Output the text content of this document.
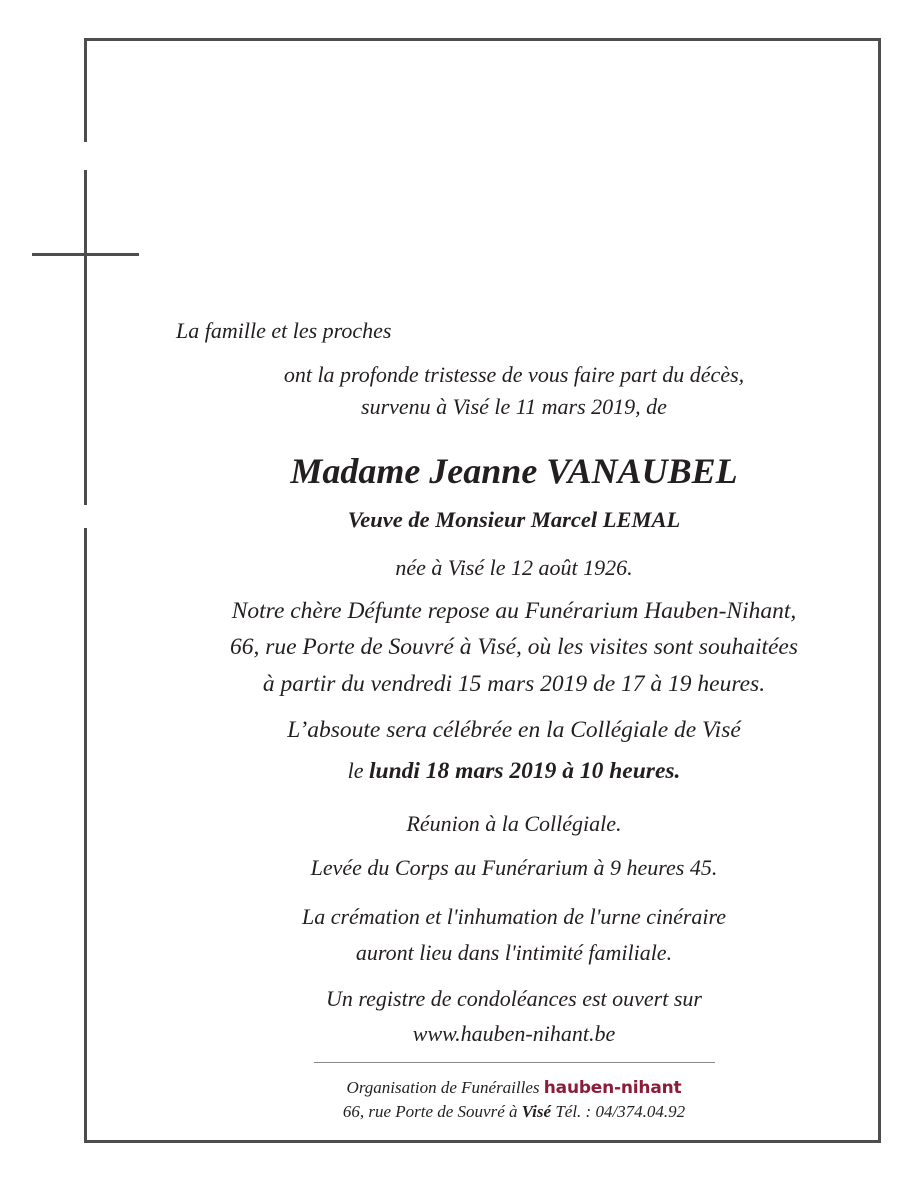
La famille et les proches
ont la profonde tristesse de vous faire part du décès,
survenu à Visé le 11 mars 2019, de
Madame Jeanne VANAUBEL
Veuve de Monsieur Marcel LEMAL
née à Visé le 12 août 1926.
Notre chère Défunte repose au Funérarium Hauben-Nihant,
66, rue Porte de Souvré à Visé, où les visites sont souhaitées
à partir du vendredi 15 mars 2019 de 17 à 19 heures.
L’absoute sera célébrée en la Collégiale de Visé
le lundi 18 mars 2019 à 10 heures.
Réunion à la Collégiale.
Levée du Corps au Funérarium à 9 heures 45.
La crémation et l'inhumation de l'urne cinéraire
auront lieu dans l'intimité familiale.
Un registre de condoléances est ouvert sur
www.hauben-nihant.be
Organisation de Funérailles hauben-nihant
66, rue Porte de Souvré à Visé Tél. : 04/374.04.92
